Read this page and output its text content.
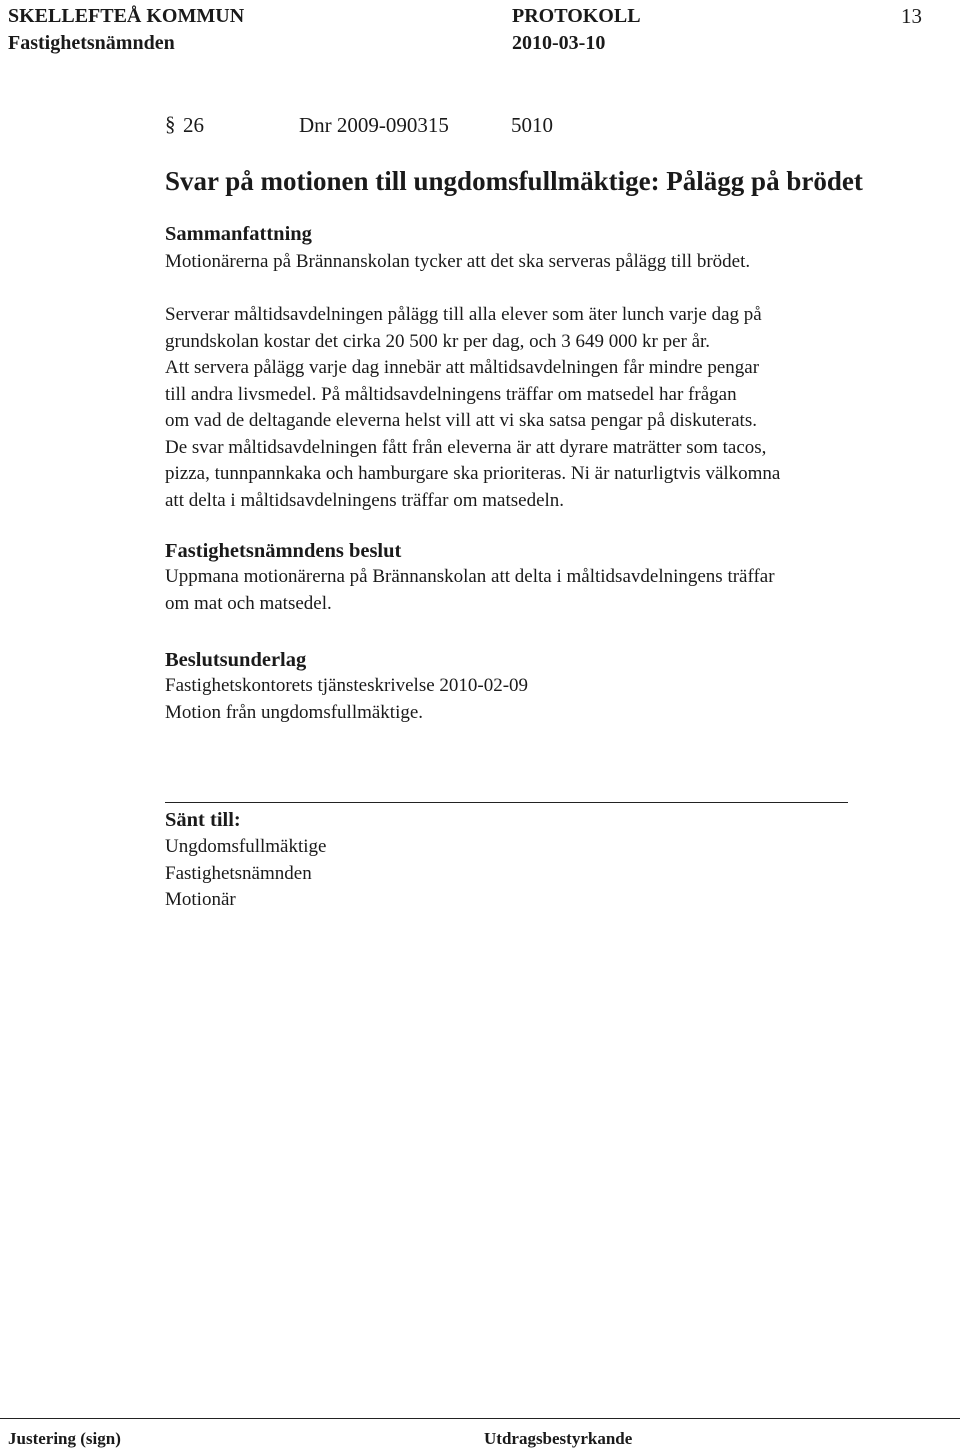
SKELLEFTEÅ KOMMUN	PROTOKOLL	13
Fastighetsnämnden	2010-03-10
§ 26	Dnr 2009-090315	5010
Svar på motionen till ungdomsfullmäktige: Pålägg på brödet
Sammanfattning
Motionärerna på Brännanskolan tycker att det ska serveras pålägg till brödet.
Serverar måltidsavdelningen pålägg till alla elever som äter lunch varje dag på
grundskolan kostar det cirka 20 500 kr per dag, och 3 649 000 kr per år.
Att servera pålägg varje dag innebär att måltidsavdelningen får mindre pengar
till andra livsmedel. På måltidsavdelningens träffar om matsedel har frågan
om vad de deltagande eleverna helst vill att vi ska satsa pengar på diskuterats.
De svar måltidsavdelningen fått från eleverna är att dyrare maträtter som tacos,
pizza, tunnpannkaka och hamburgare ska prioriteras. Ni är naturligtvis välkomna
att delta i måltidsavdelningens träffar om matsedeln.
Fastighetsnämndens beslut
Uppmana motionärerna på Brännanskolan att delta i måltidsavdelningens träffar
om mat och matsedel.
Beslutsunderlag
Fastighetskontorets tjänsteskrivelse 2010-02-09
Motion från ungdomsfullmäktige.
Sänt till:
Ungdomsfullmäktige
Fastighetsnämnden
Motionär
Justering (sign)	Utdragsbestyrkande
